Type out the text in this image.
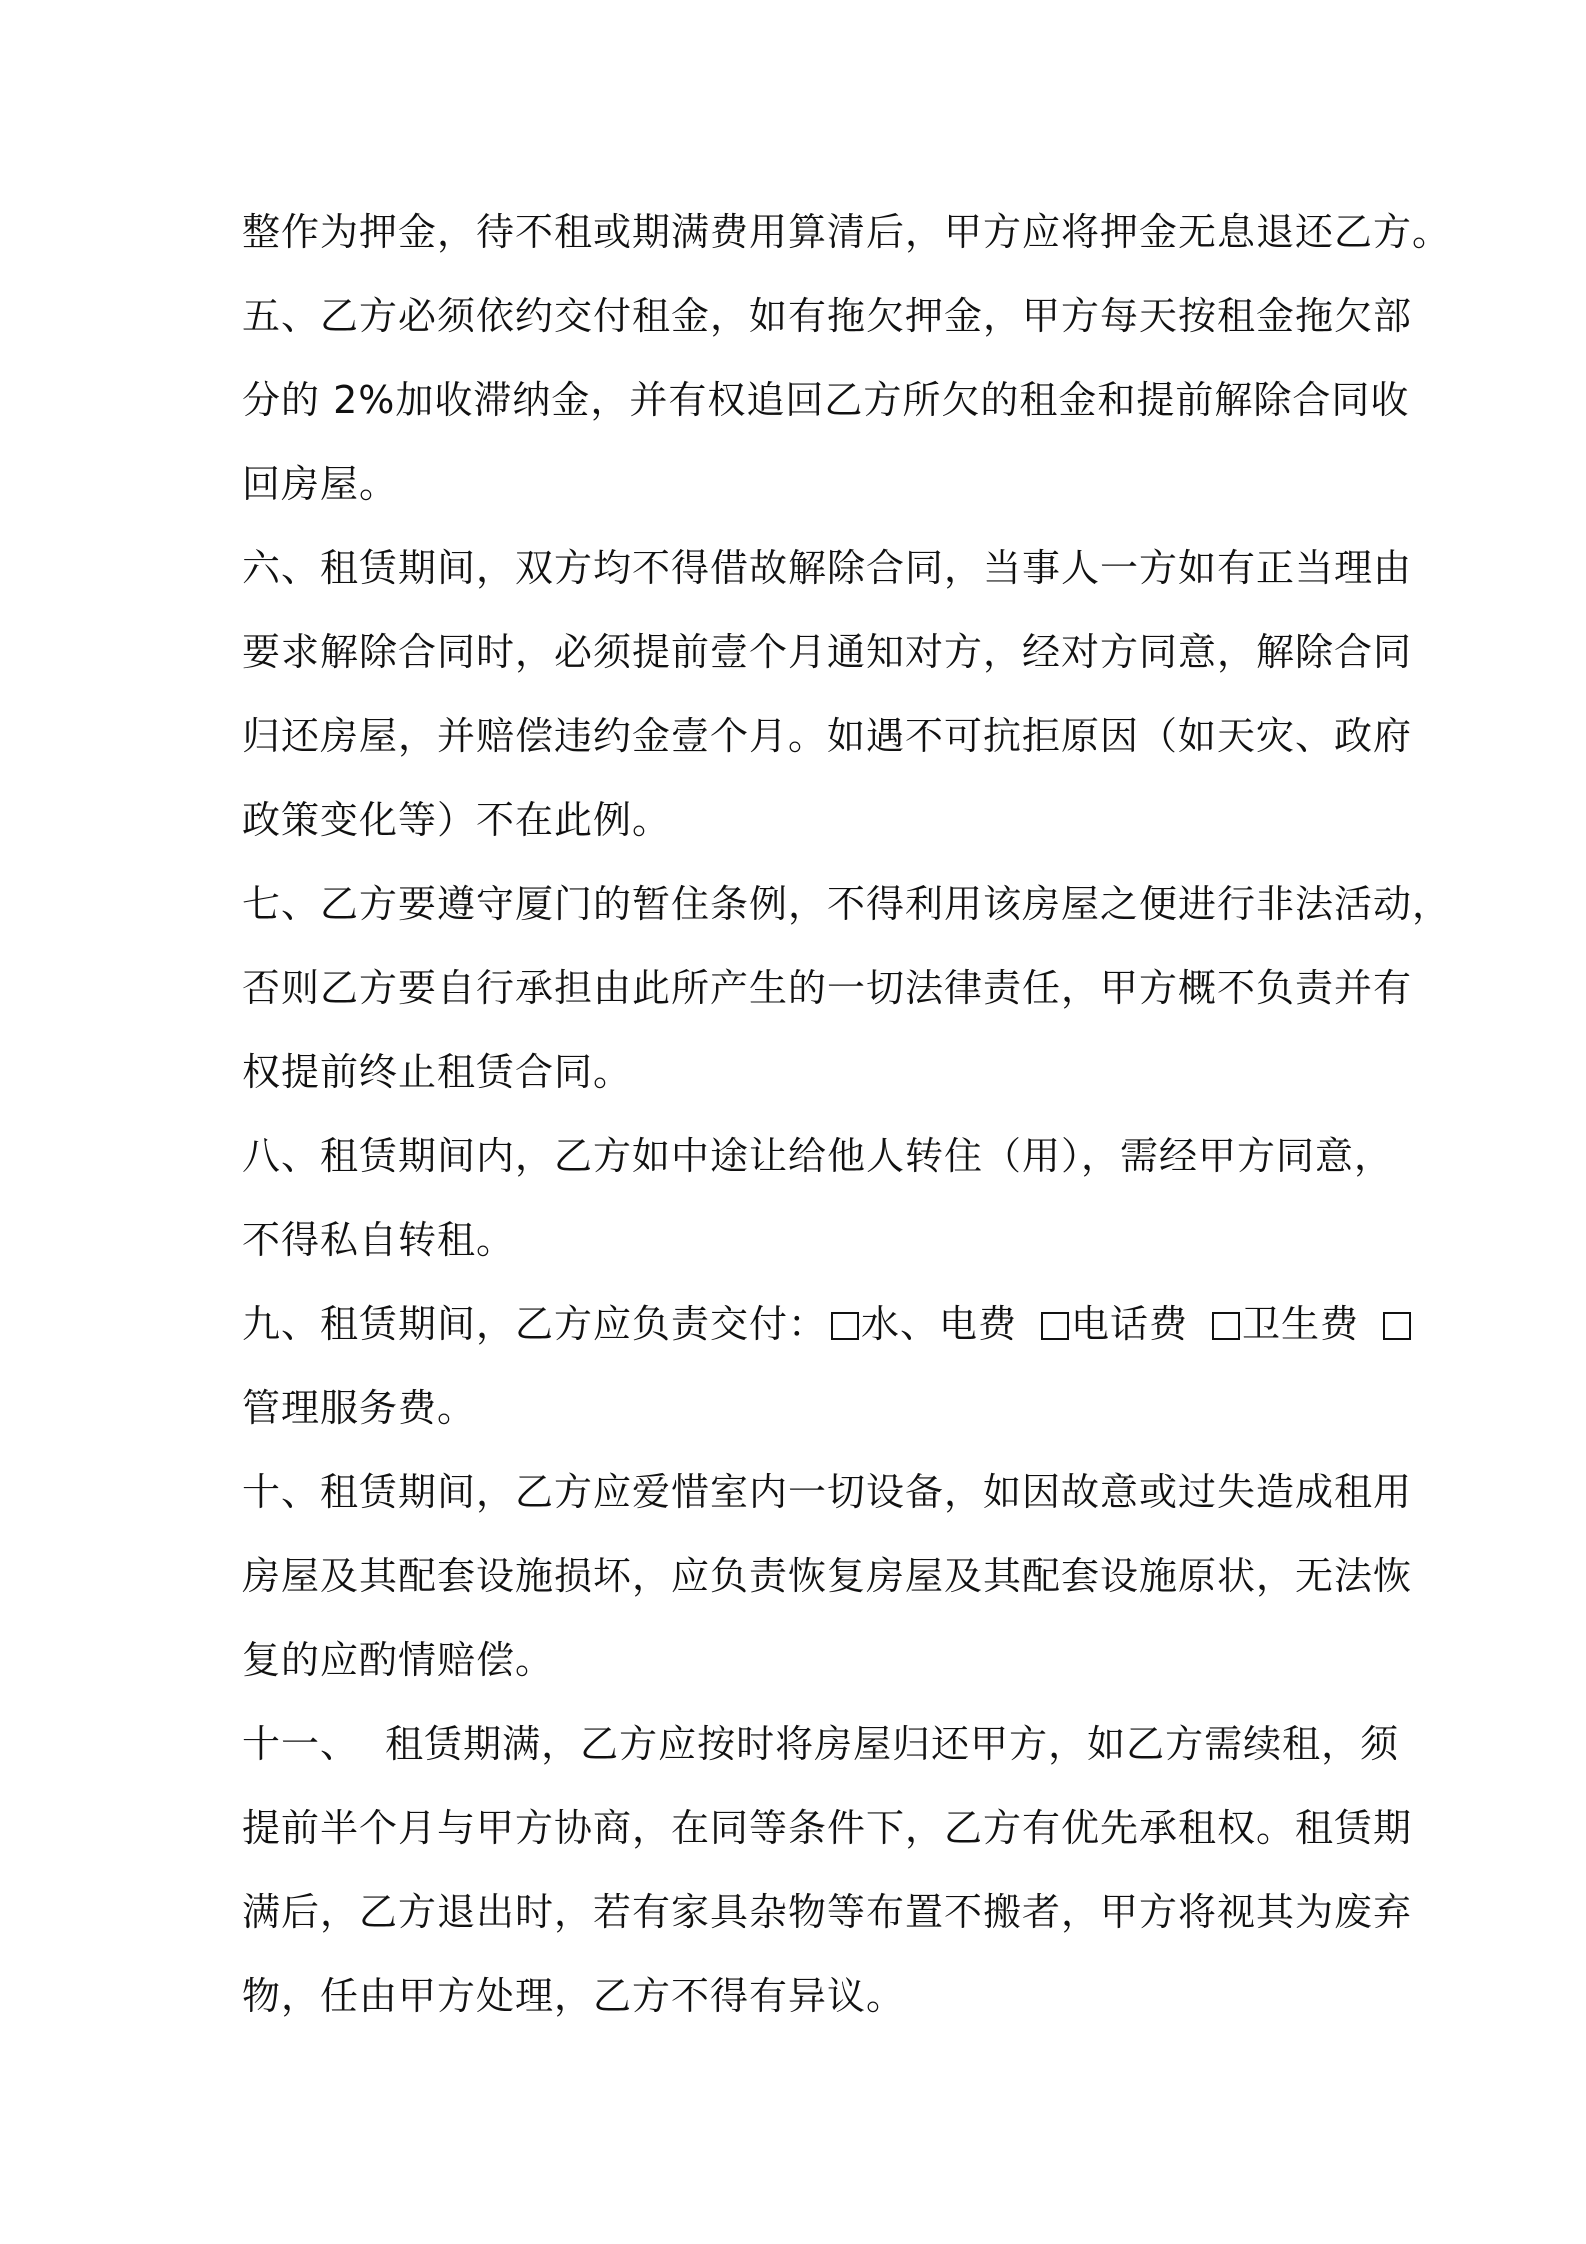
整作为押金，待不租或期满费用算清后，甲方应将押金无息退还乙方。
五、乙方必须依约交付租金，如有拖欠押金，甲方每天按租金拖欠部
分的 2%加收滞纳金，并有权追回乙方所欠的租金和提前解除合同收
回房屋。
六、租赁期间，双方均不得借故解除合同，当事人一方如有正当理由
要求解除合同时，必须提前壹个月通知对方，经对方同意，解除合同
归还房屋，并赔偿违约金壹个月。如遇不可抗拒原因（如天灾、政府
政策变化等）不在此例。
七、乙方要遵守厦门的暂住条例，不得利用该房屋之便进行非法活动，
否则乙方要自行承担由此所产生的一切法律责任，甲方概不负责并有
权提前终止租赁合同。
八、租赁期间内，乙方如中途让给他人转住（用），需经甲方同意，
不得私自转租。
九、租赁期间，乙方应负责交付： 水、电费 电话费 卫生费
管理服务费。
十、租赁期间，乙方应爱惜室内一切设备，如因故意或过失造成租用
房屋及其配套设施损坏，应负责恢复房屋及其配套设施原状，无法恢
复的应酌情赔偿。
十一、  租赁期满，乙方应按时将房屋归还甲方，如乙方需续租，须
提前半个月与甲方协商，在同等条件下，乙方有优先承租权。租赁期
满后，乙方退出时，若有家具杂物等布置不搬者，甲方将视其为废弃
物，任由甲方处理，乙方不得有异议。
